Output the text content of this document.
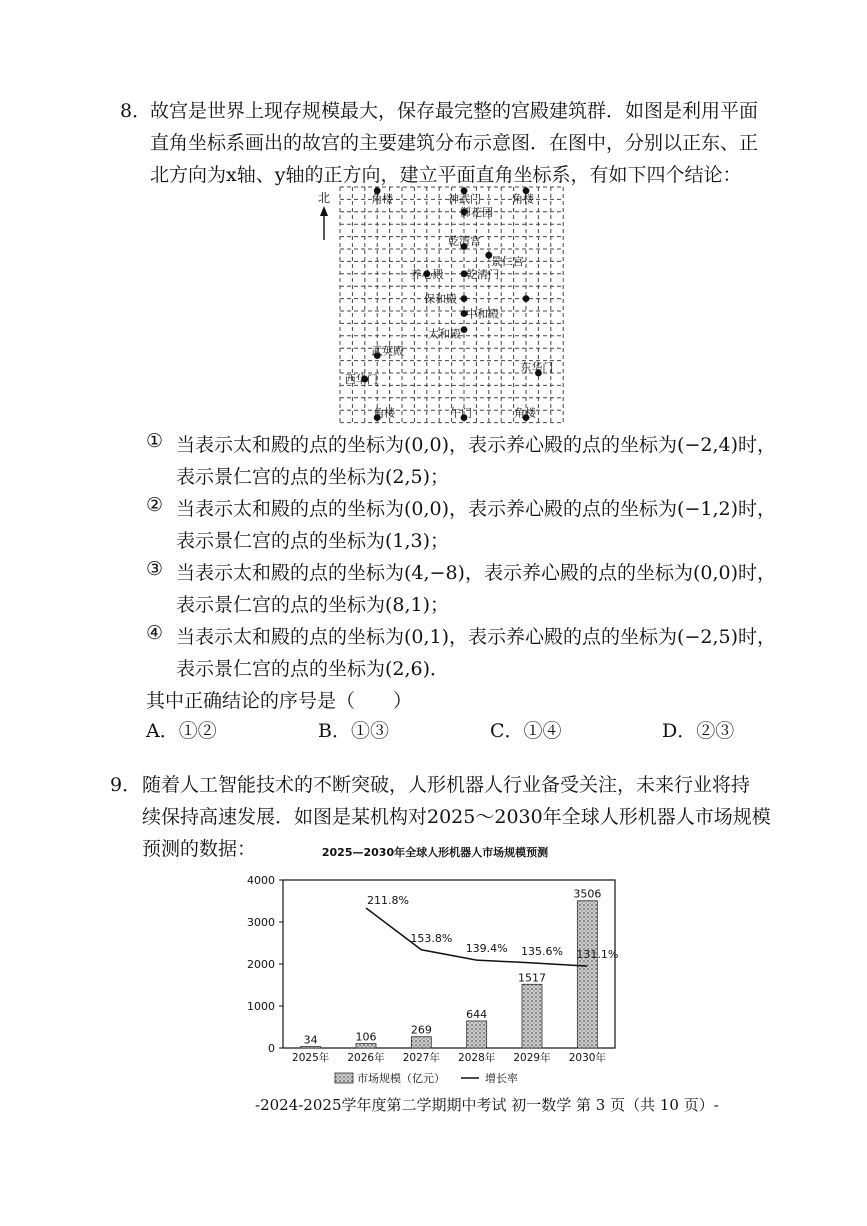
8．
故宫是世界上现存规模最大，保存最完整的宫殿建筑群．如图是利用平面
直角坐标系画出的故宫的主要建筑分布示意图．在图中，分别以正东、正
北方向为x轴、y轴的正方向，建立平面直角坐标系，有如下四个结论：
北	角楼	神武门	角楼
御花园
乾清宫
景仁宫
养心殿 乾清门
保和殿
中和殿
太和殿
武英殿
西华门
东华门
角楼	午门	角楼
① 当表示太和殿的点的坐标为(0,0)，表示养心殿的点的坐标为(−2,4)时，
表示景仁宫的点的坐标为(2,5)；
② 当表示太和殿的点的坐标为(0,0)，表示养心殿的点的坐标为(−1,2)时，
表示景仁宫的点的坐标为(1,3)；
③ 当表示太和殿的点的坐标为(4,−8)，表示养心殿的点的坐标为(0,0)时，
表示景仁宫的点的坐标为(8,1)；
④ 当表示太和殿的点的坐标为(0,1)，表示养心殿的点的坐标为(−2,5)时，
表示景仁宫的点的坐标为(2,6)．
其中正确结论的序号是（　　）
A．①②	B．①③	C．①④	D．②③
9． 随着人工智能技术的不断突破，人形机器人行业备受关注，未来行业将持
续保持高速发展．如图是某机构对2025～2030年全球人形机器人市场规模
预测的数据：	2025—2030年全球人形机器人市场规模预测
0
1000
2000
3000
4000
2025年 2026年 2027年 2028年 2029年 2030年
34	106
269
644
1517
3506
211.8%
153.8%
139.4% 135.6% 131.1%
市场规模（亿元）	增长率
-2024-2025学年度第二学期期中考试 初一数学 第 3 页（共 10 页）-
